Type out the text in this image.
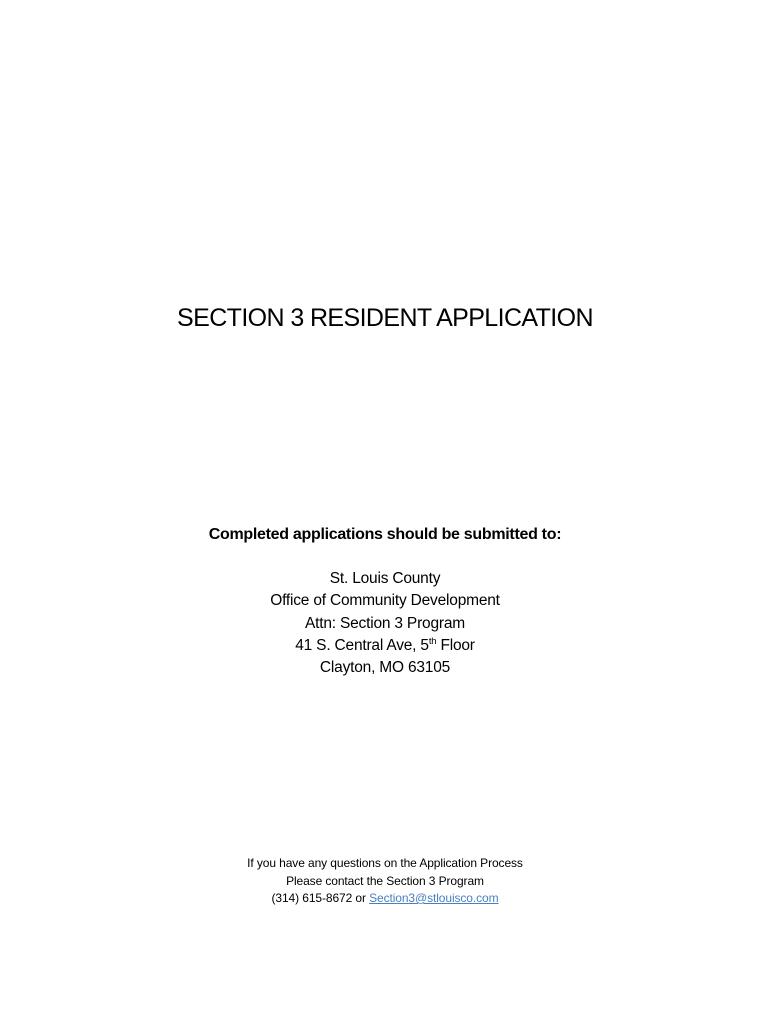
SECTION 3 RESIDENT APPLICATION
Completed applications should be submitted to:
St. Louis County
Office of Community Development
Attn: Section 3 Program
41 S. Central Ave, 5th Floor
Clayton, MO 63105
If you have any questions on the Application Process
Please contact the Section 3 Program
(314) 615-8672 or Section3@stlouisco.com
